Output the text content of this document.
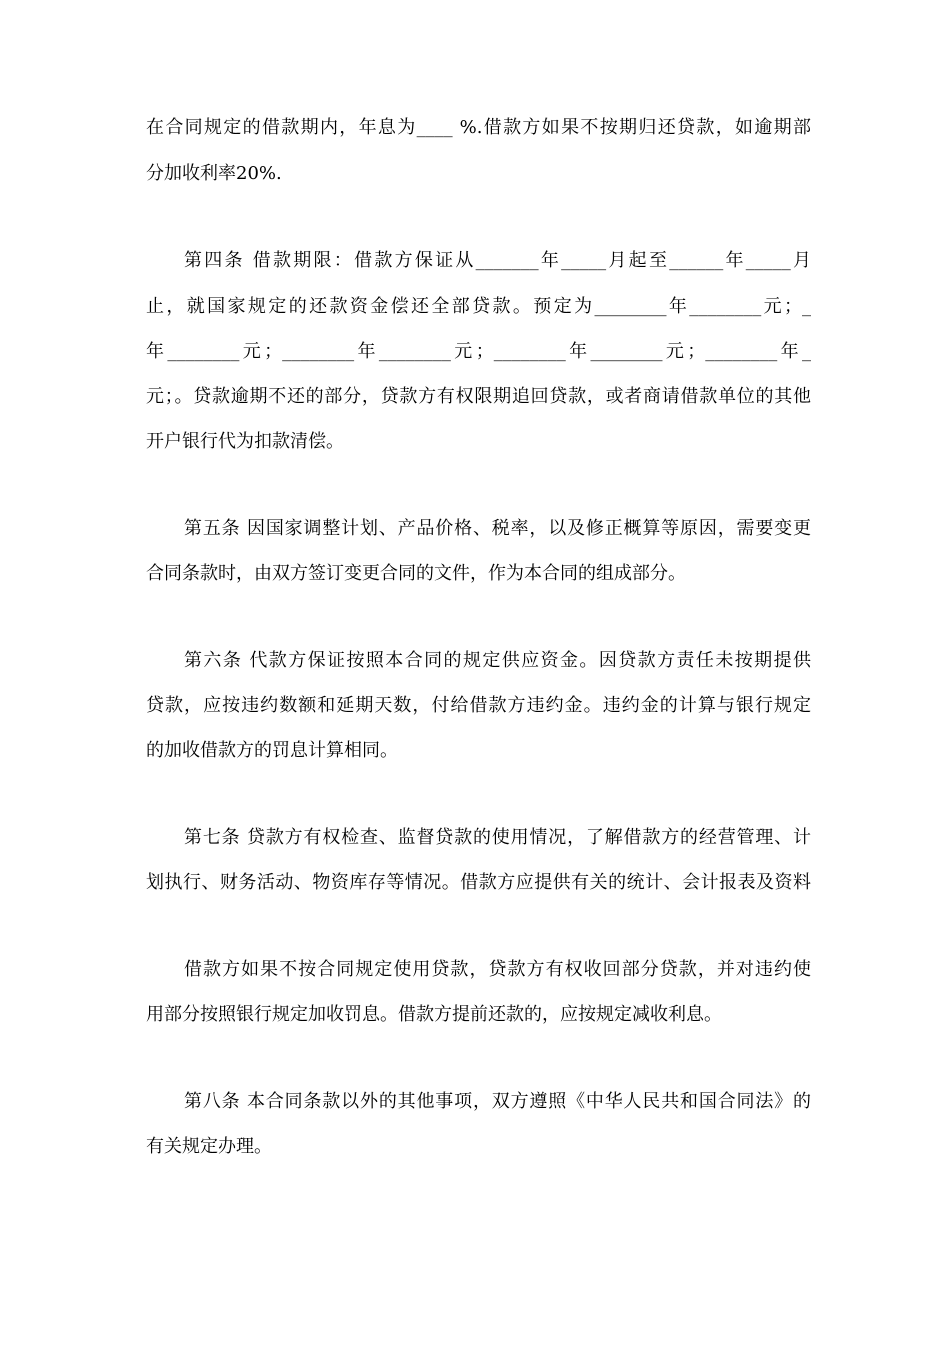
在合同规定的借款期内，年息为____ %.借款方如果不按期归还贷款，如逾期部
分加收利率20%.
第四条 借款期限：借款方保证从_______年_____月起至______年_____月
止，就国家规定的还款资金偿还全部贷款。预定为________年________元；_
年________元；________年________元；________年________元；________年_
元；。贷款逾期不还的部分，贷款方有权限期追回贷款，或者商请借款单位的其他
开户银行代为扣款清偿。
第五条 因国家调整计划、产品价格、税率，以及修正概算等原因，需要变更
合同条款时，由双方签订变更合同的文件，作为本合同的组成部分。
第六条 代款方保证按照本合同的规定供应资金。因贷款方责任未按期提供
贷款，应按违约数额和延期天数，付给借款方违约金。违约金的计算与银行规定
的加收借款方的罚息计算相同。
第七条 贷款方有权检查、监督贷款的使用情况，了解借款方的经营管理、计
划执行、财务活动、物资库存等情况。借款方应提供有关的统计、会计报表及资料
借款方如果不按合同规定使用贷款，贷款方有权收回部分贷款，并对违约使
用部分按照银行规定加收罚息。借款方提前还款的，应按规定减收利息。
第八条 本合同条款以外的其他事项，双方遵照《中华人民共和国合同法》的
有关规定办理。
